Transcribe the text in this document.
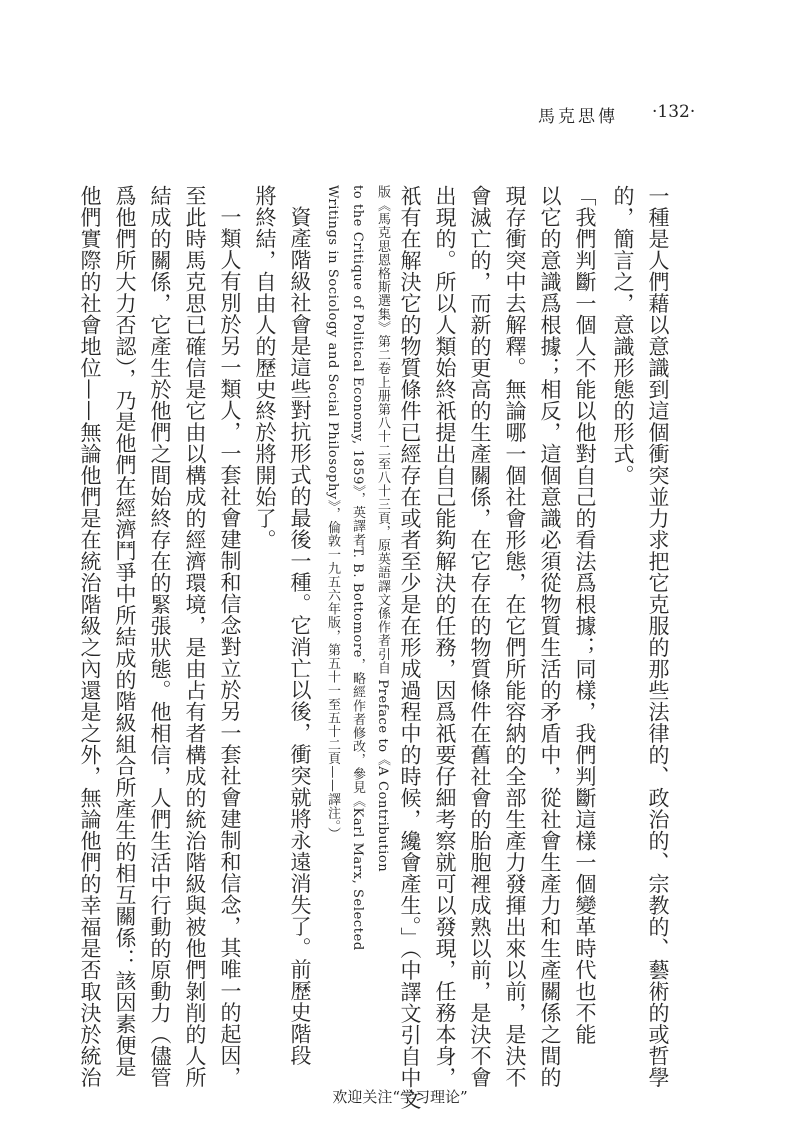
馬克思傳 ·132·

一種是人們藉以意識到這個衝突並力求把它克服的那些法律的、政治的、宗教的、藝術的或哲學

的，簡言之，意識形態的形式。

「我們判斷一個人不能以他對自己的看法爲根據；同樣，我們判斷這樣一個變革時代也不能

以它的意識爲根據；相反，這個意識必須從物質生活的矛盾中，從社會生產力和生產關係之間的

現存衝突中去解釋。無論哪一個社會形態，在它們所能容納的全部生產力發揮出來以前，是決不

會滅亡的，而新的更高的生產關係，在它存在的物質條件在舊社會的胎胞裡成熟以前，是決不會

出現的。所以人類始終祇提出自己能夠解決的任務，因爲祇要仔細考察就可以發現，任務本身，

祇有在解決它的物質條件已經存在或者至少是在形成過程中的時候，纔會產生。」（中譯文引自中文

版《馬克思恩格斯選集》第二卷上册第八十二至八十三頁，原英語譯文係作者引自 Preface to《A Contribution

to the Critique of Political Economy, 1859》，英譯者T. B. Bottomore，略經作者修改，參見《Karl Marx, Selected

Writings in Sociology and Social Philosophy》，倫敦一九五六年版，第五十一至五十二頁——譯注。）

資產階級社會是這些對抗形式的最後一種。它消亡以後，衝突就將永遠消失了。前歷史階段

將終結，自由人的歷史終於將開始了。

一類人有別於另一類人，一套社會建制和信念對立於另一套社會建制和信念，其唯一的起因，

至此時馬克思已確信是它由以構成的經濟環境，是由占有者構成的統治階級與被他們剝削的人所

結成的關係，它產生於他們之間始終存在的緊張狀態。他相信，人們生活中行動的原動力（儘管

爲他們所大力否認），乃是他們在經濟鬥爭中所結成的階級組合所產生的相互關係：該因素便是

他們實際的社會地位——無論他們是在統治階級之內還是之外，無論他們的幸福是否取決於統治

欢迎关注“学习理论”
